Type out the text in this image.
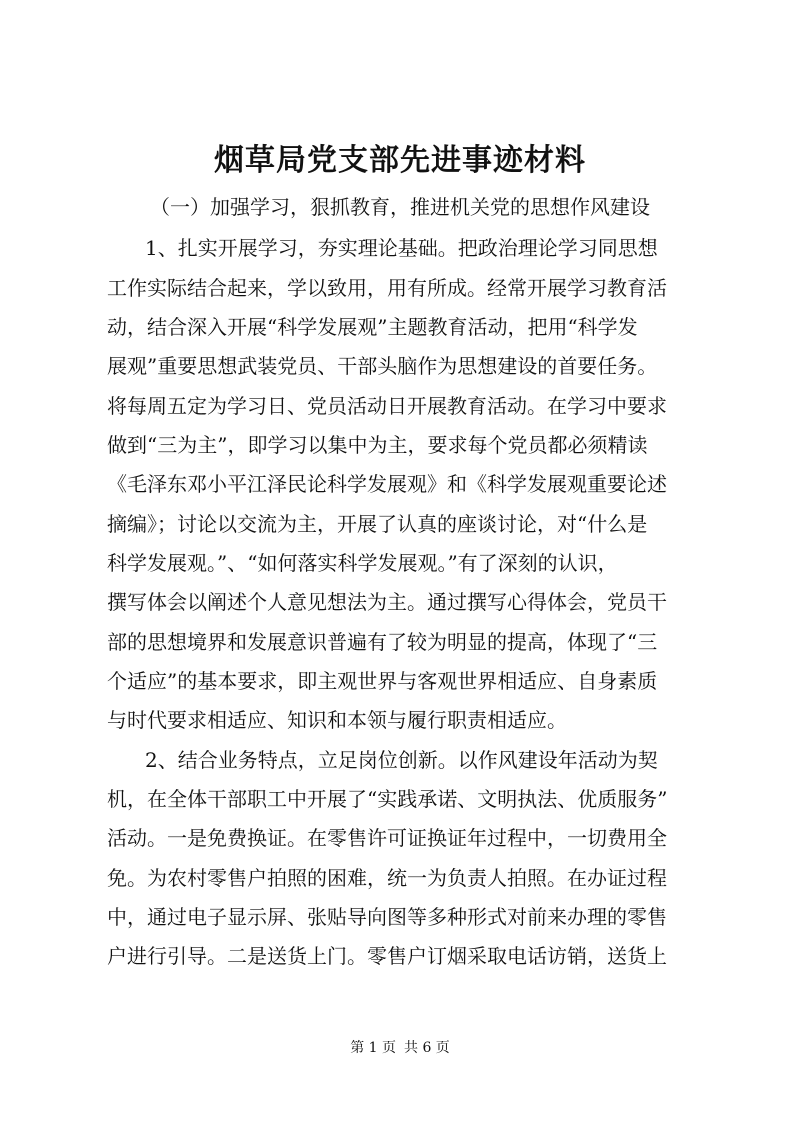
烟草局党支部先进事迹材料
（一）加强学习，狠抓教育，推进机关党的思想作风建设
1、扎实开展学习，夯实理论基础。把政治理论学习同思想
工作实际结合起来，学以致用，用有所成。经常开展学习教育活
动，结合深入开展“科学发展观”主题教育活动，把用“科学发
展观”重要思想武装党员、干部头脑作为思想建设的首要任务。
将每周五定为学习日、党员活动日开展教育活动。在学习中要求
做到“三为主”，即学习以集中为主，要求每个党员都必须精读
《毛泽东邓小平江泽民论科学发展观》和《科学发展观重要论述
摘编》；讨论以交流为主，开展了认真的座谈讨论，对“什么是
科学发展观。”、“如何落实科学发展观。”有了深刻的认识，
撰写体会以阐述个人意见想法为主。通过撰写心得体会，党员干
部的思想境界和发展意识普遍有了较为明显的提高，体现了“三
个适应”的基本要求，即主观世界与客观世界相适应、自身素质
与时代要求相适应、知识和本领与履行职责相适应。
2、结合业务特点，立足岗位创新。以作风建设年活动为契
机，在全体干部职工中开展了“实践承诺、文明执法、优质服务”
活动。一是免费换证。在零售许可证换证年过程中，一切费用全
免。为农村零售户拍照的困难，统一为负责人拍照。在办证过程
中，通过电子显示屏、张贴导向图等多种形式对前来办理的零售
户进行引导。二是送货上门。零售户订烟采取电话访销，送货上
第 1 页 共 6 页
